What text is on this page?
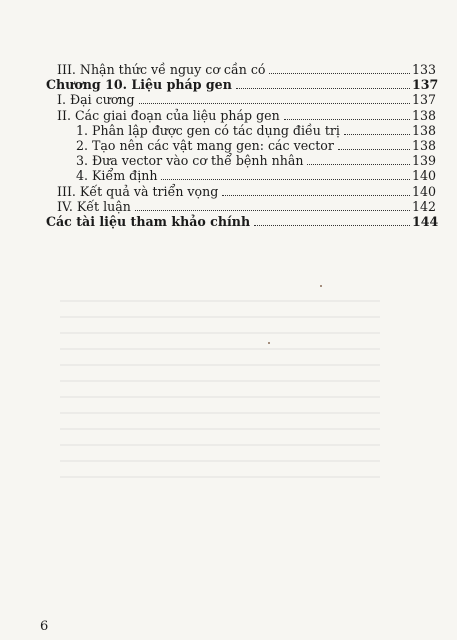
III. Nhận thức về nguy cơ cần có	133
Chương 10. Liệu pháp gen	137
I. Đại cương	137
II. Các giai đoạn của liệu pháp gen	138
1. Phân lập được gen có tác dụng điều trị	138
2. Tạo nên các vật mang gen: các vector	138
3. Đưa vector vào cơ thể bệnh nhân	139
4. Kiểm định	140
III. Kết quả và triển vọng	140
IV. Kết luận	142
Các tài liệu tham khảo chính	144
6
